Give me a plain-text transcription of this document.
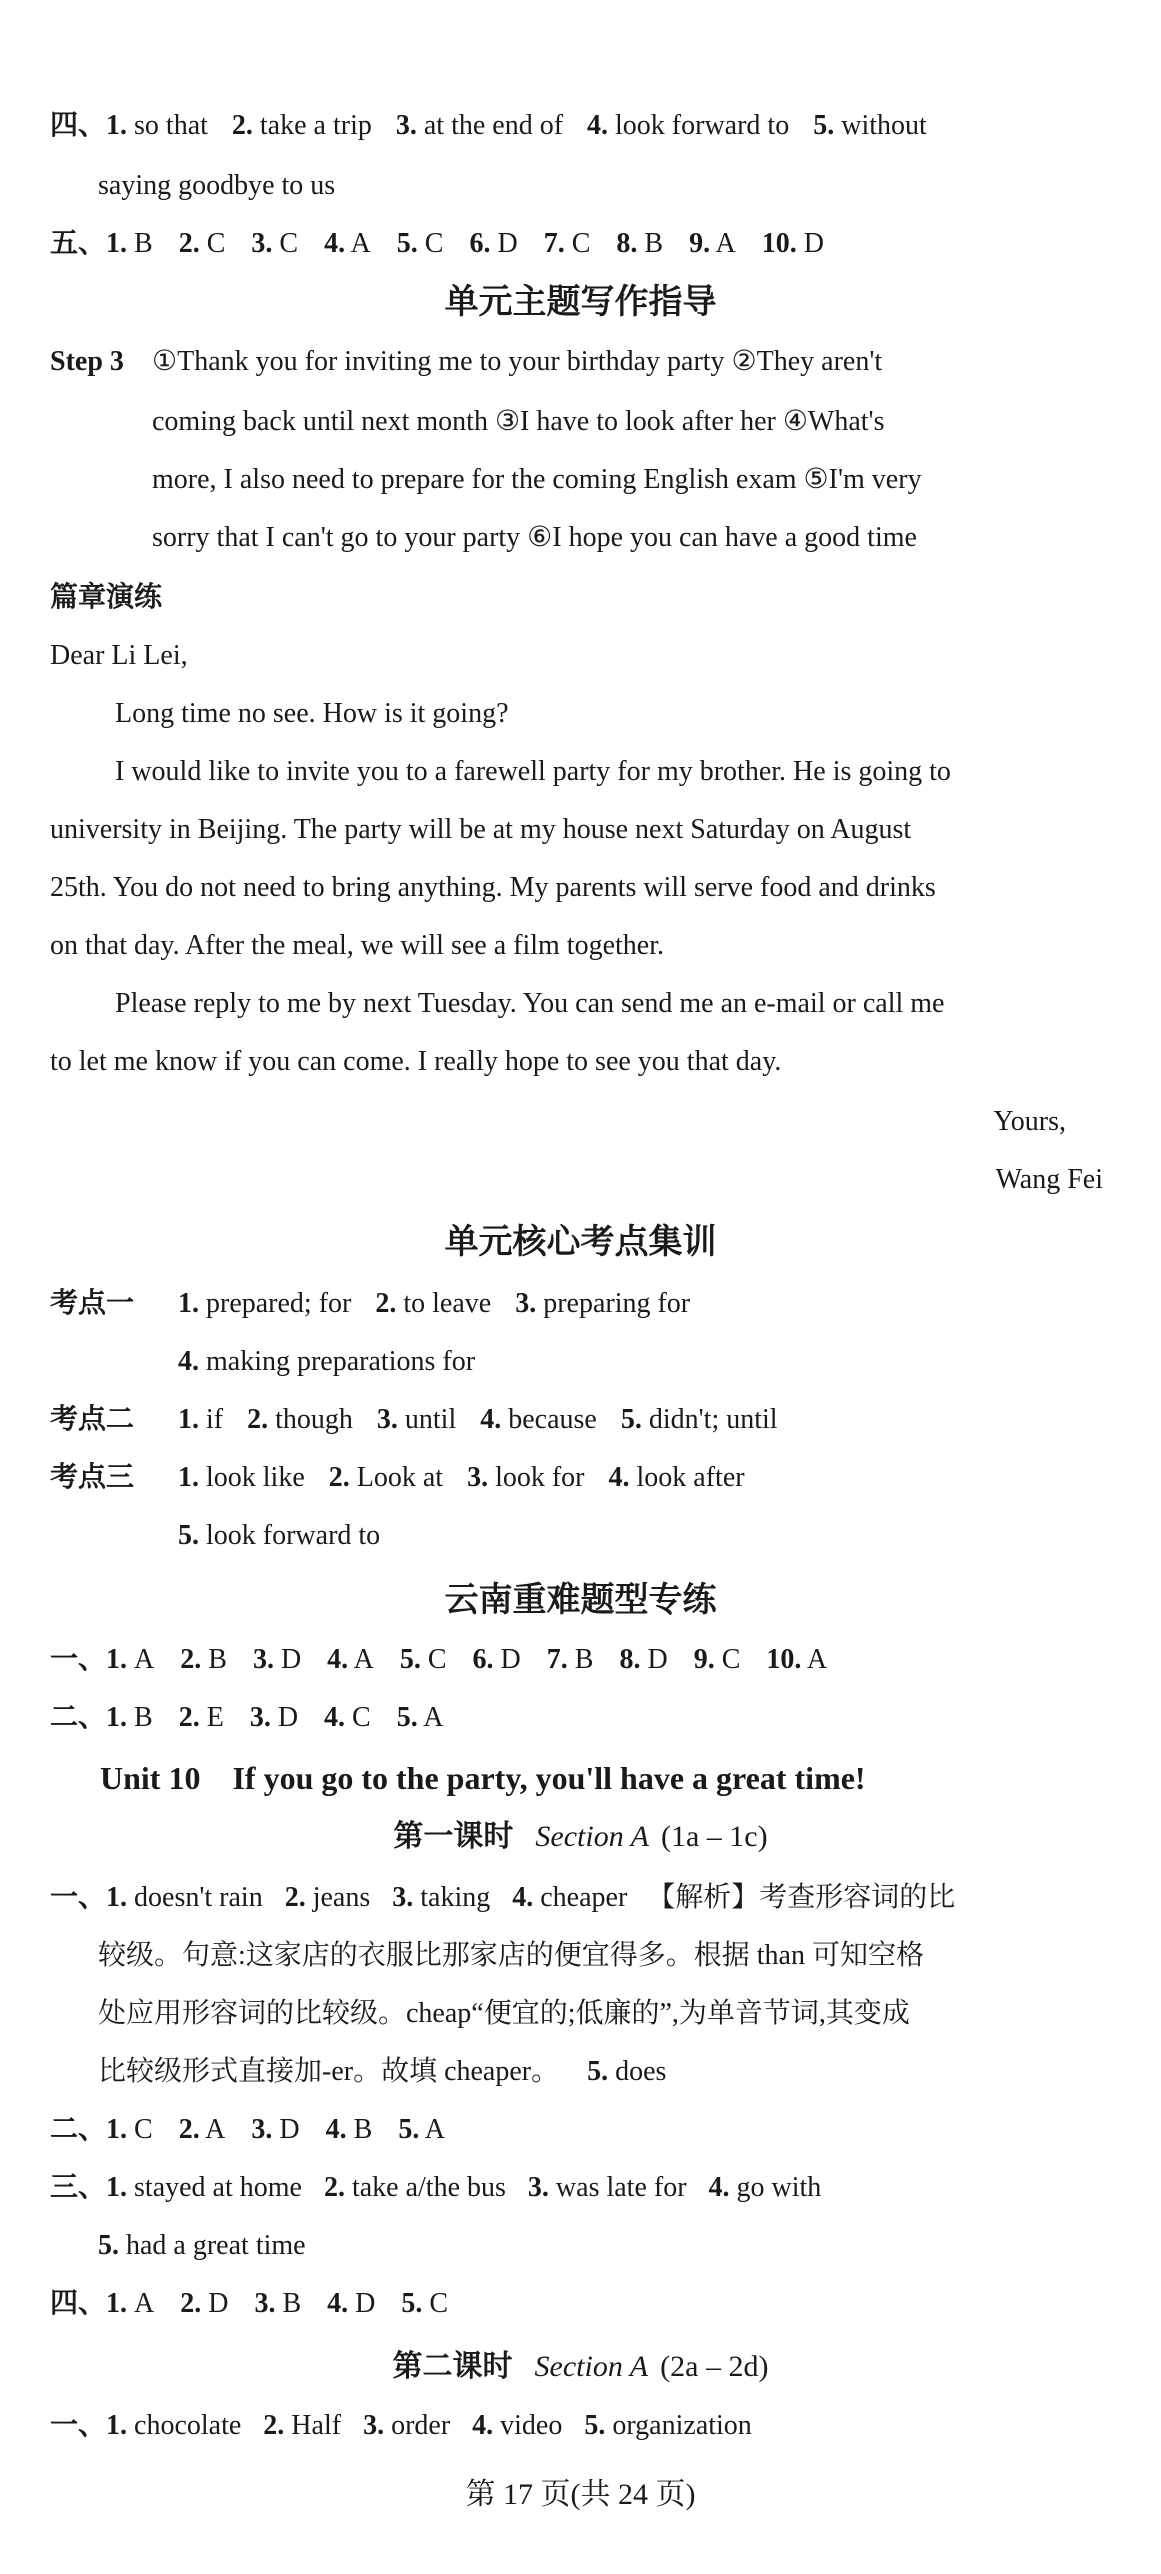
四、1. so that 2. take a trip 3. at the end of 4. look forward to 5. without
saying goodbye to us
五、1. B 2. C 3. C 4. A 5. C 6. D 7. C 8. B 9. A 10. D
单元主题写作指导
Step 3 ①Thank you for inviting me to your birthday party ②They aren't
coming back until next month ③I have to look after her ④What's
more, I also need to prepare for the coming English exam ⑤I'm very
sorry that I can't go to your party ⑥I hope you can have a good time
篇章演练
Dear Li Lei,
Long time no see. How is it going?
I would like to invite you to a farewell party for my brother. He is going to
university in Beijing. The party will be at my house next Saturday on August
25th. You do not need to bring anything. My parents will serve food and drinks
on that day. After the meal, we will see a film together.
Please reply to me by next Tuesday. You can send me an e-mail or call me
to let me know if you can come. I really hope to see you that day.
Yours,
Wang Fei
单元核心考点集训
考点一 1. prepared; for 2. to leave 3. preparing for
4. making preparations for
考点二 1. if 2. though 3. until 4. because 5. didn't; until
考点三 1. look like 2. Look at 3. look for 4. look after
5. look forward to
云南重难题型专练
一、1. A 2. B 3. D 4. A 5. C 6. D 7. B 8. D 9. C 10. A
二、1. B 2. E 3. D 4. C 5. A
Unit 10    If you go to the party, you'll have a great time!
第一课时 Section A (1a – 1c)
一、1. doesn't rain 2. jeans 3. taking 4. cheaper 【解析】考查形容词的比
较级。句意:这家店的衣服比那家店的便宜得多。根据 than 可知空格
处应用形容词的比较级。cheap“便宜的;低廉的”,为单音节词,其变成
比较级形式直接加-er。故填 cheaper。 5. does
二、1. C 2. A 3. D 4. B 5. A
三、1. stayed at home 2. take a/the bus 3. was late for 4. go with
5. had a great time
四、1. A 2. D 3. B 4. D 5. C
第二课时 Section A (2a – 2d)
一、1. chocolate 2. Half 3. order 4. video 5. organization
第 17 页(共 24 页)
